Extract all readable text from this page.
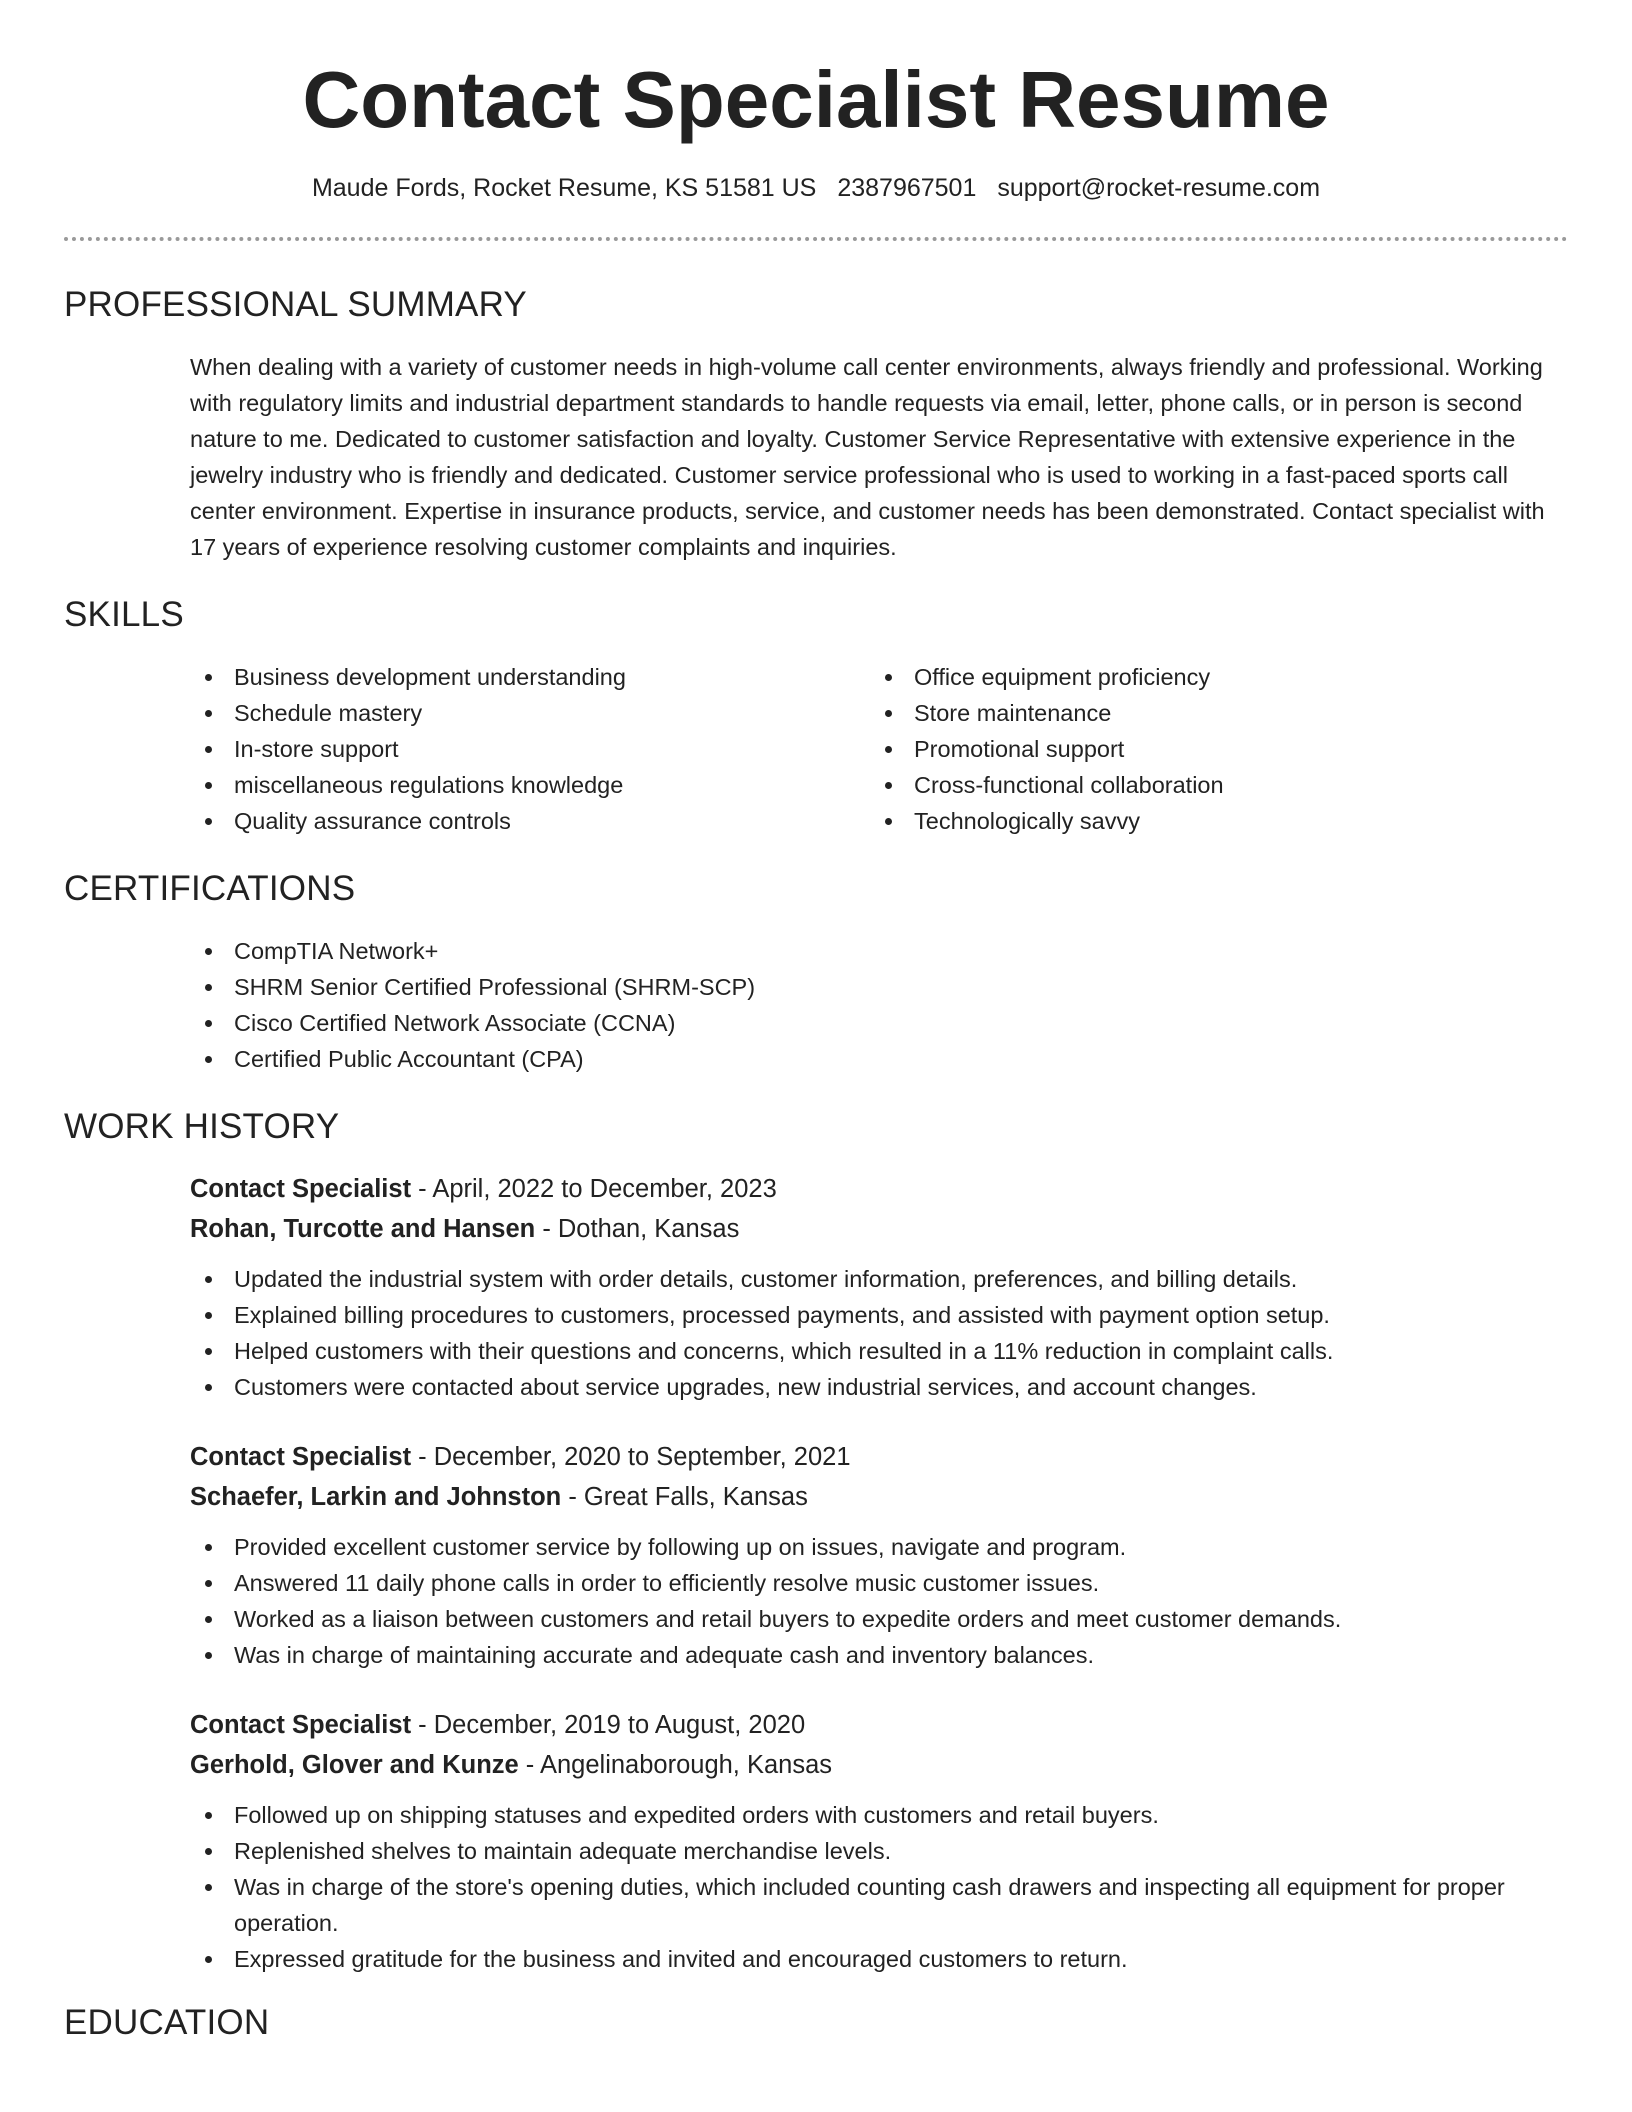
Contact Specialist Resume
Maude Fords, Rocket Resume, KS 51581 US 2387967501 support@rocket-resume.com
PROFESSIONAL SUMMARY
When dealing with a variety of customer needs in high-volume call center environments, always friendly and professional. Working with regulatory limits and industrial department standards to handle requests via email, letter, phone calls, or in person is second nature to me. Dedicated to customer satisfaction and loyalty. Customer Service Representative with extensive experience in the jewelry industry who is friendly and dedicated. Customer service professional who is used to working in a fast-paced sports call center environment. Expertise in insurance products, service, and customer needs has been demonstrated. Contact specialist with 17 years of experience resolving customer complaints and inquiries.
SKILLS
Business development understanding
Schedule mastery
In-store support
miscellaneous regulations knowledge
Quality assurance controls
Office equipment proficiency
Store maintenance
Promotional support
Cross-functional collaboration
Technologically savvy
CERTIFICATIONS
CompTIA Network+
SHRM Senior Certified Professional (SHRM-SCP)
Cisco Certified Network Associate (CCNA)
Certified Public Accountant (CPA)
WORK HISTORY
Contact Specialist - April, 2022 to December, 2023
Rohan, Turcotte and Hansen - Dothan, Kansas
Updated the industrial system with order details, customer information, preferences, and billing details.
Explained billing procedures to customers, processed payments, and assisted with payment option setup.
Helped customers with their questions and concerns, which resulted in a 11% reduction in complaint calls.
Customers were contacted about service upgrades, new industrial services, and account changes.
Contact Specialist - December, 2020 to September, 2021
Schaefer, Larkin and Johnston - Great Falls, Kansas
Provided excellent customer service by following up on issues, navigate and program.
Answered 11 daily phone calls in order to efficiently resolve music customer issues.
Worked as a liaison between customers and retail buyers to expedite orders and meet customer demands.
Was in charge of maintaining accurate and adequate cash and inventory balances.
Contact Specialist - December, 2019 to August, 2020
Gerhold, Glover and Kunze - Angelinaborough, Kansas
Followed up on shipping statuses and expedited orders with customers and retail buyers.
Replenished shelves to maintain adequate merchandise levels.
Was in charge of the store's opening duties, which included counting cash drawers and inspecting all equipment for proper operation.
Expressed gratitude for the business and invited and encouraged customers to return.
EDUCATION
